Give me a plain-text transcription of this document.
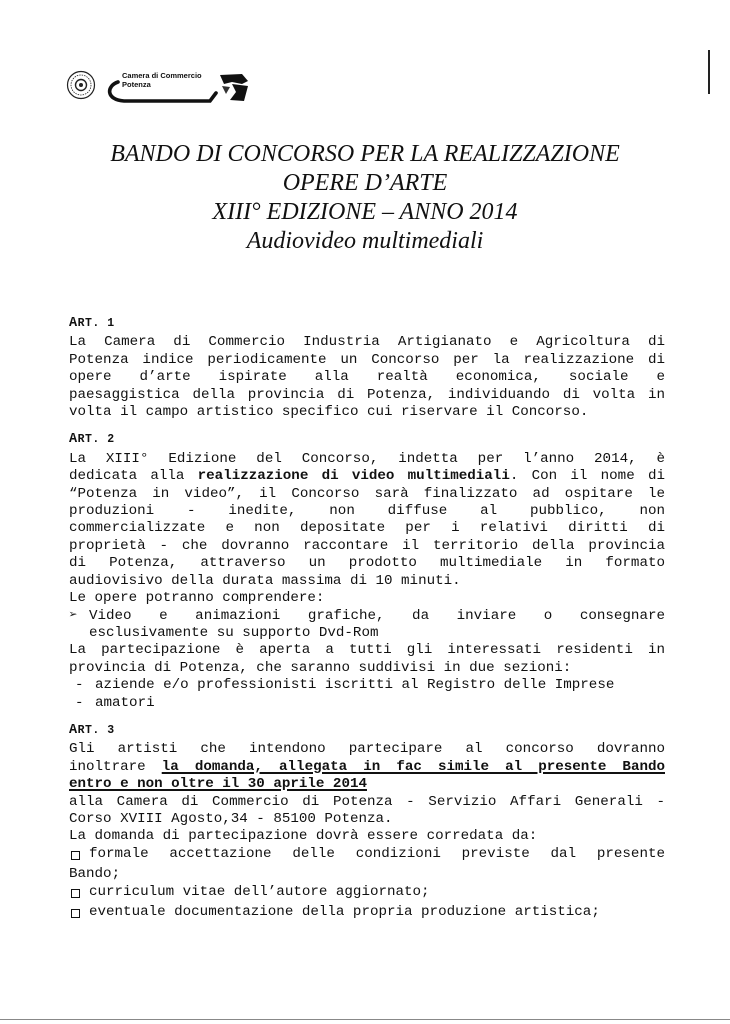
Camera di Commercio
Potenza
BANDO DI CONCORSO PER LA REALIZZAZIONE
OPERE D’ARTE
XIII° EDIZIONE – ANNO 2014
Audiovideo multimediali
ART. 1

La Camera di Commercio Industria Artigianato e Agricoltura di

Potenza indice periodicamente un Concorso per la realizzazione di

opere d’arte ispirate alla realtà economica, sociale e

paesaggistica della provincia di Potenza, individuando di volta in

volta il campo artistico specifico cui riservare il Concorso.

ART. 2

La XIII° Edizione del Concorso, indetta per l’anno 2014, è

dedicata alla realizzazione di video multimediali. Con il nome di

“Potenza in video”, il Concorso sarà finalizzato ad ospitare le

produzioni - inedite, non diffuse al pubblico, non

commercializzate e non depositate per i relativi diritti di

proprietà - che dovranno raccontare il territorio della provincia

di Potenza, attraverso un prodotto multimediale in formato

audiovisivo della durata massima di 10 minuti.

Le opere potranno comprendere:

➢ Video e animazioni grafiche, da inviare o consegnare
esclusivamente su supporto Dvd-Rom

La partecipazione è aperta a tutti gli interessati residenti in

provincia di Potenza, che saranno suddivisi in due sezioni:

- aziende e/o professionisti iscritti al Registro delle Imprese
- amatori
ART. 3

Gli artisti che intendono partecipare al concorso dovranno

inoltrare la domanda, allegata in fac simile al presente Bando

entro e non oltre il 30 aprile 2014

alla Camera di Commercio di Potenza - Servizio Affari Generali -

Corso XVIII Agosto,34 - 85100 Potenza.

La domanda di partecipazione dovrà essere corredata da:

formale accettazione delle condizioni previste dal presente

Bando;

curriculum vitae dell’autore aggiornato;
eventuale documentazione della propria produzione artistica;
